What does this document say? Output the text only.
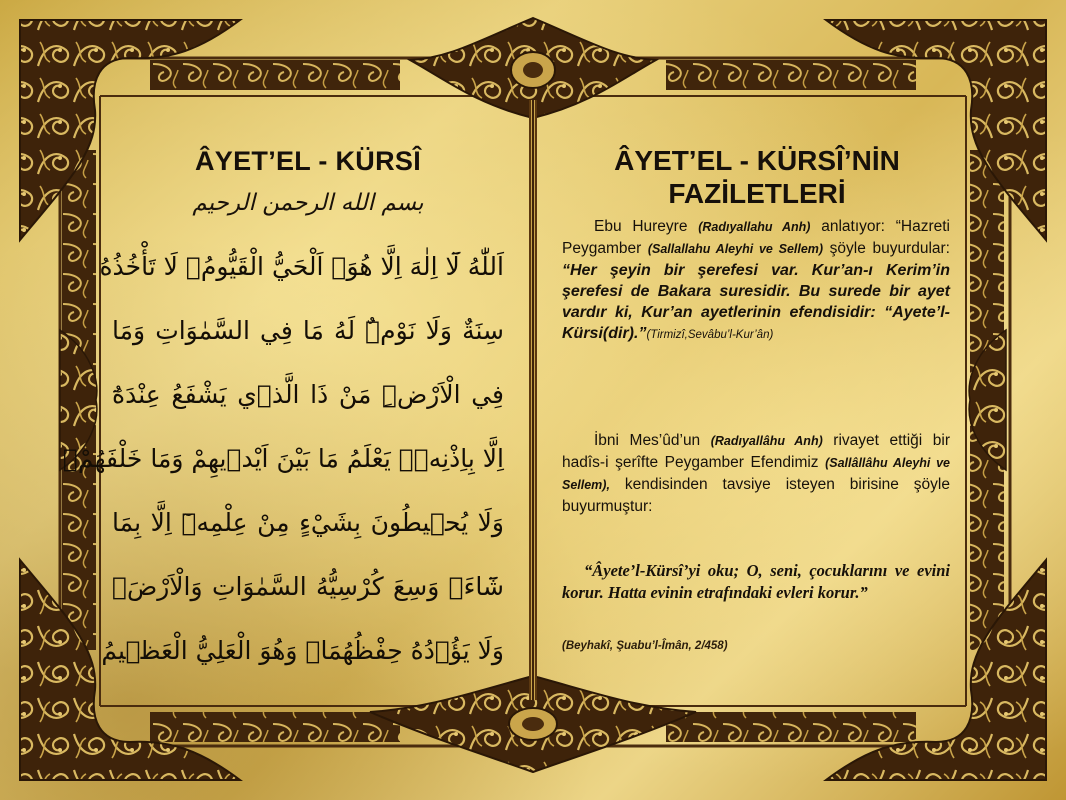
ÂYET’EL - KÜRSÎ
بسم الله الرحمن الرحيم
اَللّٰهُ لَٓا اِلٰهَ اِلَّا هُوَۚ اَلْحَيُّ الْقَيُّومُۚ لَا تَأْخُذُهُ
سِنَةٌ وَلَا نَوْمٌۜ لَهُ مَا فِي السَّمٰوَاتِ وَمَا
فِي الْاَرْضِۜ مَنْ ذَا الَّذ۪ي يَشْفَعُ عِنْدَهُٓ
اِلَّا بِاِذْنِه۪ۜ يَعْلَمُ مَا بَيْنَ اَيْد۪يهِمْ وَمَا خَلْفَهُمْۚ
وَلَا يُح۪يطُونَ بِشَيْءٍ مِنْ عِلْمِه۪ٓ اِلَّا بِمَا
شَٓاءَۚ وَسِعَ كُرْسِيُّهُ السَّمٰوَاتِ وَالْاَرْضَۚ
وَلَا يَؤُ۫دُهُ حِفْظُهُمَاۚ وَهُوَ الْعَلِيُّ الْعَظ۪يمُ
ÂYET’EL - KÜRSÎ’NİN
FAZİLETLERİ
Ebu Hureyre (Radıyallahu Anh) anlatıyor: “Hazreti Peygamber (Sallallahu Aleyhi ve Sellem) şöyle buyurdular: “Her şeyin bir şerefesi var. Kur’an-ı Kerim’in şerefesi de Bakara suresidir. Bu surede bir ayet vardır ki, Kur’an ayetlerinin efendisidir: “Ayete’l-Kürsi(dir).”(Tirmizî,Sevâbu’l-Kur’ân)
İbni Mes’ûd’un (Radıyallâhu Anh) rivayet ettiği bir hadîs-i şerîfte Peygamber Efendimiz (Sallâllâhu Aleyhi ve Sellem), kendisinden tavsiye isteyen birisine şöyle buyurmuştur:
“Âyete’l-Kürsî’yi oku; O, seni, çocuklarını ve evini korur. Hatta evinin etrafındaki evleri korur.”
(Beyhakî, Şuabu’l-Îmân, 2/458)
